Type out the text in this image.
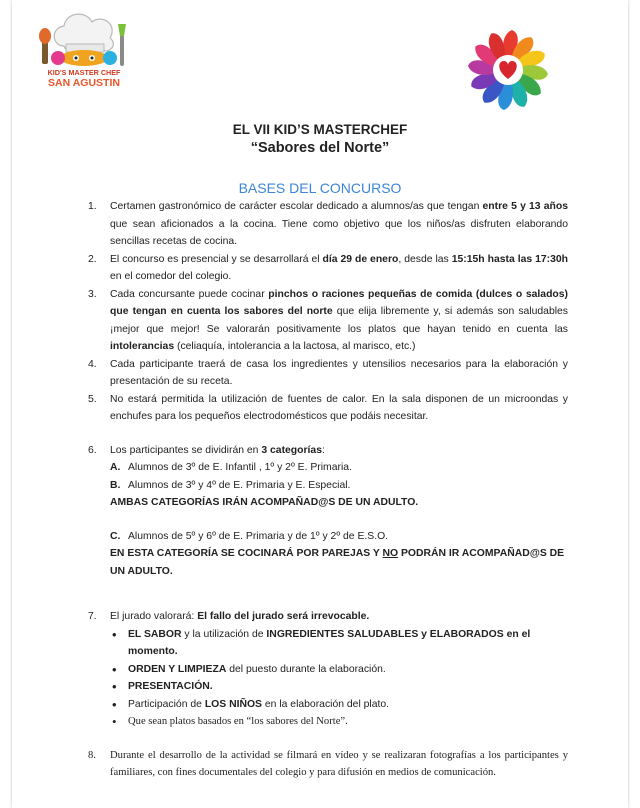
KID'S MASTER CHEF
SAN AGUSTIN
EL VII KID’S MASTERCHEF
“Sabores del Norte”
BASES DEL CONCURSO
1. Certamen gastronómico de carácter escolar dedicado a alumnos/as que tengan entre 5 y 13 años que sean aficionados a la cocina. Tiene como objetivo que los niños/as disfruten elaborando sencillas recetas de cocina.
2. El concurso es presencial y se desarrollará el día 29 de enero, desde las 15:15h hasta las 17:30h en el comedor del colegio.
3. Cada concursante puede cocinar pinchos o raciones pequeñas de comida (dulces o salados) que tengan en cuenta los sabores del norte que elija libremente y, si además son saludables ¡mejor que mejor! Se valorarán positivamente los platos que hayan tenido en cuenta las intolerancias (celiaquía, intolerancia a la lactosa, al marisco, etc.)
4. Cada participante traerá de casa los ingredientes y utensilios necesarios para la elaboración y presentación de su receta.
5. No estará permitida la utilización de fuentes de calor. En la sala disponen de un microondas y enchufes para los pequeños electrodomésticos que podáis necesitar.
6. Los participantes se dividirán en 3 categorías:
A. Alumnos de 3º de E. Infantil , 1º y 2º E. Primaria.
B. Alumnos de 3º y 4º de E. Primaria y E. Especial.
AMBAS CATEGORÍAS IRÁN ACOMPAÑAD@S DE UN ADULTO.
C. Alumnos de 5º y 6º de E. Primaria y de 1º y 2º de E.S.O.
EN ESTA CATEGORÍA SE COCINARÁ POR PAREJAS Y NO PODRÁN IR ACOMPAÑAD@S DE UN ADULTO.
7. El jurado valorará: El fallo del jurado será irrevocable.
• EL SABOR y la utilización de INGREDIENTES SALUDABLES y ELABORADOS en el momento.
• ORDEN Y LIMPIEZA del puesto durante la elaboración.
• PRESENTACIÓN.
• Participación de LOS NIÑOS en la elaboración del plato.
• Que sean platos basados en “los sabores del Norte”.
8. Durante el desarrollo de la actividad se filmará en vídeo y se realizaran fotografías a los participantes y familiares, con fines documentales del colegio y para difusión en medios de comunicación.
